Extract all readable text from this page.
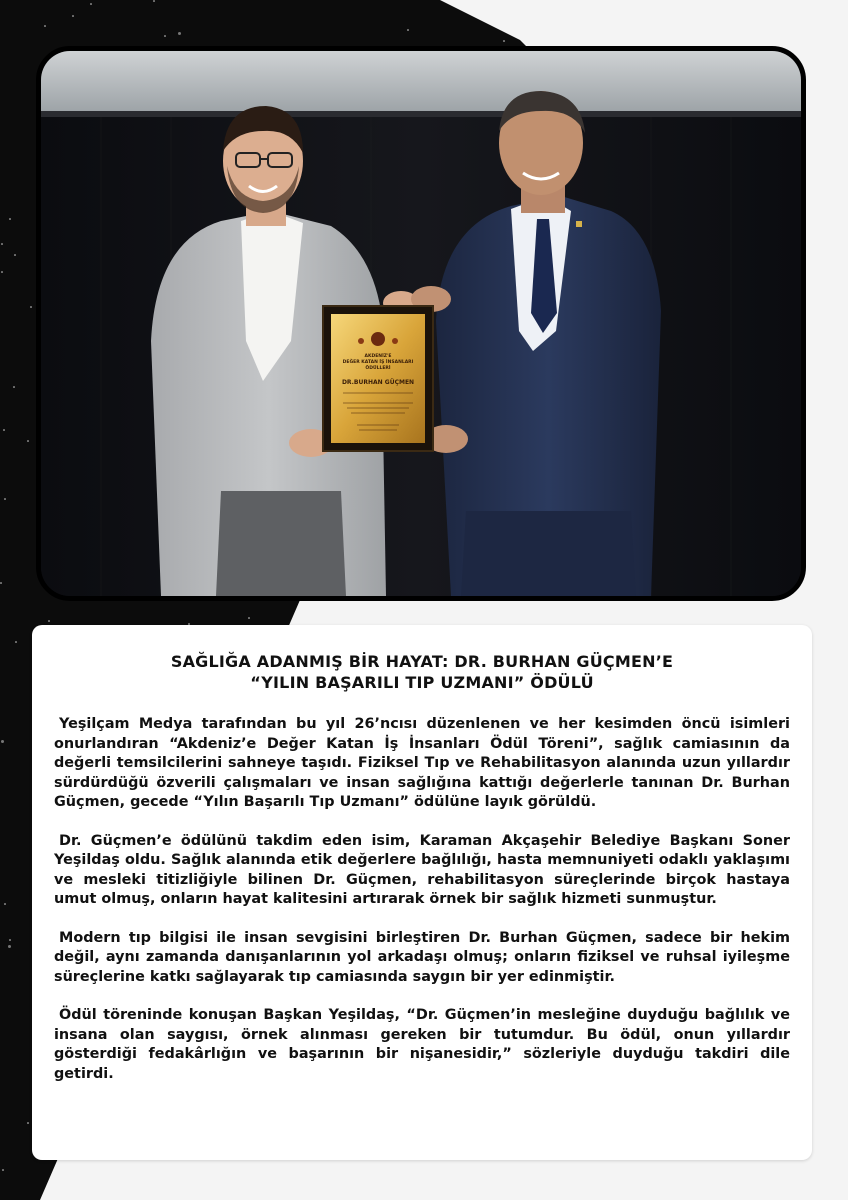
AKDENİZ'E
DEĞER KATAN İŞ İNSANLARI
ÖDÜLLERİ
DR.BURHAN GÜÇMEN
SAĞLIĞA ADANMIŞ BİR HAYAT: DR. BURHAN GÜÇMEN’E
“YILIN BAŞARILI TIP UZMANI” ÖDÜLÜ

Yeşilçam Medya tarafından bu yıl 26’ncısı düzenlenen ve her kesimden öncü isimleri onurlandıran “Akdeniz’e Değer Katan İş İnsanları Ödül Töreni”, sağlık camiasının da değerli temsilcilerini sahneye taşıdı. Fiziksel Tıp ve Rehabilitasyon alanında uzun yıllardır sürdürdüğü özverili çalışmaları ve insan sağlığına kattığı değerlerle tanınan Dr. Burhan Güçmen, gecede “Yılın Başarılı Tıp Uzmanı” ödülüne layık görüldü.

Dr. Güçmen’e ödülünü takdim eden isim, Karaman Akçaşehir Belediye Başkanı Soner Yeşildaş oldu. Sağlık alanında etik değerlere bağlılığı, hasta memnuniyeti odaklı yaklaşımı ve mesleki titizliğiyle bilinen Dr. Güçmen, rehabilitasyon süreçlerinde birçok hastaya umut olmuş, onların hayat kalitesini artırarak örnek bir sağlık hizmeti sunmuştur.

Modern tıp bilgisi ile insan sevgisini birleştiren Dr. Burhan Güçmen, sadece bir hekim değil, aynı zamanda danışanlarının yol arkadaşı olmuş; onların fiziksel ve ruhsal iyileşme süreçlerine katkı sağlayarak tıp camiasında saygın bir yer edinmiştir.

Ödül töreninde konuşan Başkan Yeşildaş, “Dr. Güçmen’in mesleğine duyduğu bağlılık ve insana olan saygısı, örnek alınması gereken bir tutumdur. Bu ödül, onun yıllardır gösterdiği fedakârlığın ve başarının bir nişanesidir,” sözleriyle duyduğu takdiri dile getirdi.
